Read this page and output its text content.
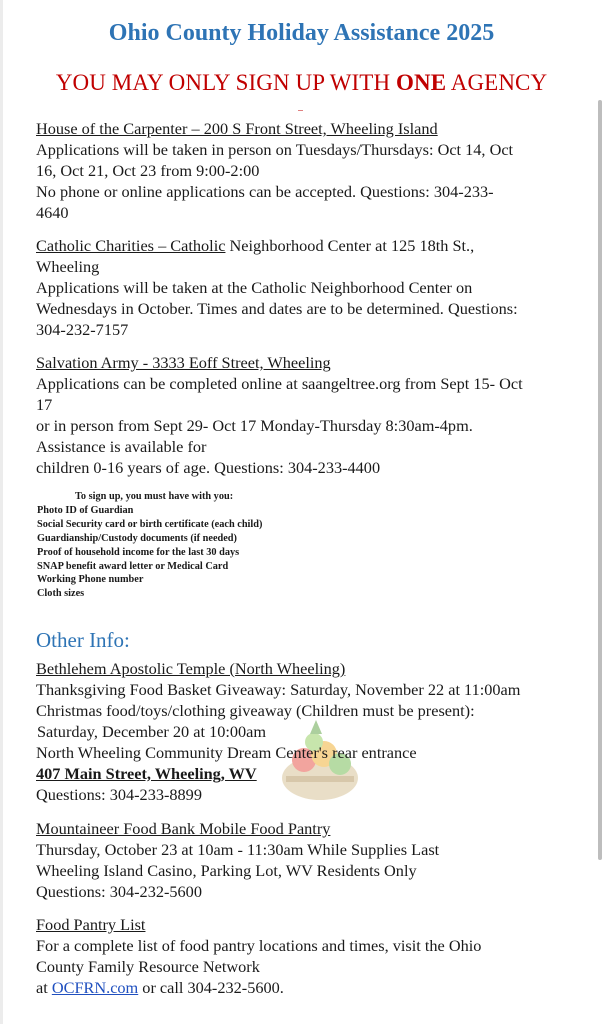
Ohio County Holiday Assistance 2025
YOU MAY ONLY SIGN UP WITH ONE AGENCY
House of the Carpenter – 200 S Front Street, Wheeling Island
Applications will be taken in person on Tuesdays/Thursdays: Oct 14, Oct
16, Oct 21, Oct 23 from 9:00-2:00
No phone or online applications can be accepted. Questions: 304-233-
4640
Catholic Charities – Catholic Neighborhood Center at 125 18th St.,
Wheeling
Applications will be taken at the Catholic Neighborhood Center on
Wednesdays in October. Times and dates are to be determined. Questions:
304-232-7157
Salvation Army - 3333 Eoff Street, Wheeling
Applications can be completed online at saangeltree.org from Sept 15- Oct
17
or in person from Sept 29- Oct 17 Monday-Thursday 8:30am-4pm.
Assistance is available for
children 0-16 years of age. Questions: 304-233-4400
To sign up, you must have with you:
Photo ID of Guardian
Social Security card or birth certificate (each child)
Guardianship/Custody documents (if needed)
Proof of household income for the last 30 days
SNAP benefit award letter or Medical Card
Working Phone number
Cloth sizes
Other Info:
Bethlehem Apostolic Temple (North Wheeling)
Thanksgiving Food Basket Giveaway: Saturday, November 22 at 11:00am
Christmas food/toys/clothing giveaway (Children must be present):
Saturday, December 20 at 10:00am
North Wheeling Community Dream Center's rear entrance
407 Main Street, Wheeling, WV
Questions: 304-233-8899
Mountaineer Food Bank Mobile Food Pantry
Thursday, October 23 at 10am - 11:30am While Supplies Last
Wheeling Island Casino, Parking Lot, WV Residents Only
Questions: 304-232-5600
Food Pantry List
For a complete list of food pantry locations and times, visit the Ohio
County Family Resource Network
at OCFRN.com or call 304-232-5600.
